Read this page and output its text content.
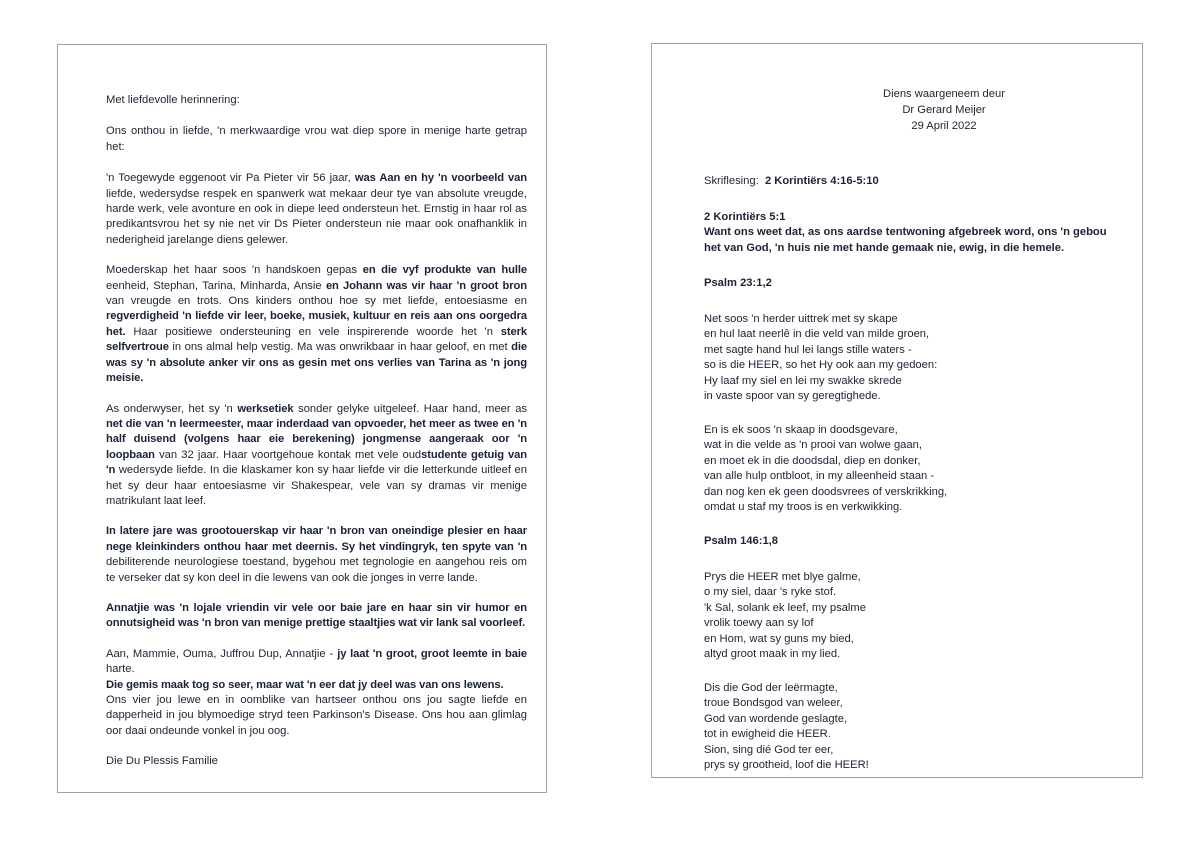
Met liefdevolle herinnering:

Ons onthou in liefde, 'n merkwaardige vrou wat diep spore in menige harte getrap het:

'n Toegewyde eggenoot vir Pa Pieter vir 56 jaar, was Aan en hy 'n voorbeeld van liefde, wedersydse respek en spanwerk wat mekaar deur tye van absolute vreugde, harde werk, vele avonture en ook in diepe leed ondersteun het. Ernstig in haar rol as predikantsvrou het sy nie net vir Ds Pieter ondersteun nie maar ook onafhanklik in nederigheid jarelange diens gelewer.

Moederskap het haar soos 'n handskoen gepas en die vyf produkte van hulle eenheid, Stephan, Tarina, Minharda, Ansie en Johann was vir haar 'n groot bron van vreugde en trots. Ons kinders onthou hoe sy met liefde, entoesiasme en regverdigheid 'n liefde vir leer, boeke, musiek, kultuur en reis aan ons oorgedra het. Haar positiewe ondersteuning en vele inspirerende woorde het 'n sterk selfvertroue in ons almal help vestig. Ma was onwrikbaar in haar geloof, en met die was sy 'n absolute anker vir ons as gesin met ons verlies van Tarina as 'n jong meisie.

As onderwyser, het sy 'n werksetiek sonder gelyke uitgeleef. Haar hand, meer as net die van 'n leermeester, maar inderdaad van opvoeder, het meer as twee en 'n half duisend (volgens haar eie berekening) jongmense aangeraak oor 'n loopbaan van 32 jaar. Haar voortgehoue kontak met vele oudstudente getuig van 'n wedersyde liefde. In die klaskamer kon sy haar liefde vir die letterkunde uitleef en het sy deur haar entoesiasme vir Shakespear, vele van sy dramas vir menige matrikulant laat leef.

In latere jare was grootouerskap vir haar 'n bron van oneindige plesier en haar nege kleinkinders onthou haar met deernis. Sy het vindingryk, ten spyte van 'n debiliterende neurologiese toestand, bygehou met tegnologie en aangehou reis om te verseker dat sy kon deel in die lewens van ook die jonges in verre lande.

Annatjie was 'n lojale vriendin vir vele oor baie jare en haar sin vir humor en onnutsigheid was 'n bron van menige prettige staaltjies wat vir lank sal voorleef.

Aan, Mammie, Ouma, Juffrou Dup, Annatjie - jy laat 'n groot, groot leemte in baie harte.

Die gemis maak tog so seer, maar wat 'n eer dat jy deel was van ons lewens.

Ons vier jou lewe en in oomblike van hartseer onthou ons jou sagte liefde en dapperheid in jou blymoedige stryd teen Parkinson's Disease. Ons hou aan glimlag oor daai ondeunde vonkel in jou oog.

Die Du Plessis Familie

Diens waargeneem deur
Dr Gerard Meijer
29 April 2022
Skriflesing: 2 Korintiërs 4:16-5:10
2 Korintiërs 5:1
Want ons weet dat, as ons aardse tentwoning afgebreek word, ons 'n gebou het van God, 'n huis nie met hande gemaak nie, ewig, in die hemele.
Psalm 23:1,2
Net soos 'n herder uittrek met sy skape
en hul laat neerlê in die veld van milde groen,
met sagte hand hul lei langs stille waters -
so is die HEER, so het Hy ook aan my gedoen:
Hy laaf my siel en lei my swakke skrede
in vaste spoor van sy geregtighede.
En is ek soos 'n skaap in doodsgevare,
wat in die velde as 'n prooi van wolwe gaan,
en moet ek in die doodsdal, diep en donker,
van alle hulp ontbloot, in my alleenheid staan -
dan nog ken ek geen doodsvrees of verskrikking,
omdat u staf my troos is en verkwikking.
Psalm 146:1,8
Prys die HEER met blye galme,
o my siel, daar 's ryke stof.
'k Sal, solank ek leef, my psalme
vrolik toewy aan sy lof
en Hom, wat sy guns my bied,
altyd groot maak in my lied.
Dis die God der leërmagte,
troue Bondsgod van weleer,
God van wordende geslagte,
tot in ewigheid die HEER.
Sion, sing dié God ter eer,
prys sy grootheid, loof die HEER!
